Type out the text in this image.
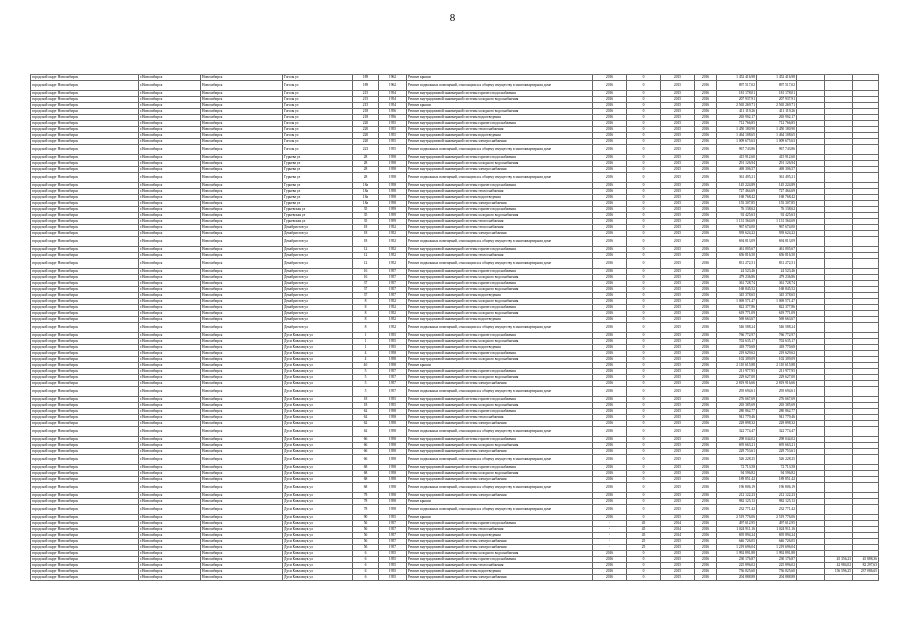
8
городской округ Новосибирск	г.Новосибирск	Новосибирск	Гоголя ул	189	1962	Ремонт крыши	2016	0	2015	2016	1 452 416,98	1 452 416,98			
городской округ Новосибирск	г.Новосибирск	Новосибирск	Гоголя ул	189	1962	Ремонт подвальных помещений, относящихся к общему имуществу в многоквартирном доме	2016	0	2015	2016	897 517,02	897 517,02			
городской округ Новосибирск	г.Новосибирск	Новосибирск	Гоголя ул	215	1954	Ремонт внутридомовой инженерной системы горячего водоснабжения	2016	0	2015	2016	181 178,01	181 178,01			
городской округ Новосибирск	г.Новосибирск	Новосибирск	Гоголя ул	215	1954	Ремонт внутридомовой инженерной системы холодного водоснабжения	2016	0	2015	2016	207 937,91	207 937,91			
городской округ Новосибирск	г.Новосибирск	Новосибирск	Гоголя ул	215	1954	Ремонт крыши	2016	0	2015	2016	2 565 269,71	2 565 269,71			
городской округ Новосибирск	г.Новосибирск	Новосибирск	Гоголя ул	218	1956	Ремонт внутридомовой инженерной системы холодного водоснабжения	2016	0	2015	2016	411 119,26	411 119,26			
городской округ Новосибирск	г.Новосибирск	Новосибирск	Гоголя ул	218	1956	Ремонт внутридомовой инженерной системы водоотведения	2016	0	2015	2016	265 902,17	265 902,17			
городской округ Новосибирск	г.Новосибирск	Новосибирск	Гоголя ул	220	1955	Ремонт внутридомовой инженерной системы горячего водоснабжения	2016	0	2015	2016	712 766,85	712 766,85			
городской округ Новосибирск	г.Новосибирск	Новосибирск	Гоголя ул	220	1955	Ремонт внутридомовой инженерной системы теплоснабжения	2016	0	2015	2016	1 450 180,90	1 450 180,90			
городской округ Новосибирск	г.Новосибирск	Новосибирск	Гоголя ул	220	1955	Ремонт внутридомовой инженерной системы водоотведения	2016	0	2015	2016	1 464 108,65	1 464 108,65			
городской округ Новосибирск	г.Новосибирск	Новосибирск	Гоголя ул	220	1955	Ремонт внутридомовой инженерной системы электроснабжения	2016	0	2015	2016	1 009 675,63	1 009 675,63			
городской округ Новосибирск	г.Новосибирск	Новосибирск	Гоголя ул	223	1955	Ремонт подвальных помещений, относящихся к общему имуществу в многоквартирном доме	2016	0	2015	2016	967 743,86	967 743,86			
городской округ Новосибирск	г.Новосибирск	Новосибирск	Гурьева ул	28	1958	Ремонт внутридомовой инженерной системы горячего водоснабжения	2016	0	2015	2016	415 912,60	415 912,60			
городской округ Новосибирск	г.Новосибирск	Новосибирск	Гурьева ул	28	1958	Ремонт внутридомовой инженерной системы холодного водоснабжения	2016	0	2015	2016	291 126,94	291 126,94			
городской округ Новосибирск	г.Новосибирск	Новосибирск	Гурьева ул	28	1958	Ремонт внутридомовой инженерной системы электроснабжения	2016	0	2015	2016	469 306,57	469 306,57			
городской округ Новосибирск	г.Новосибирск	Новосибирск	Гурьева ул	28	1958	Ремонт подвальных помещений, относящихся к общему имуществу в многоквартирном доме	2016	0	2015	2016	361 495,21	361 495,21			
городской округ Новосибирск	г.Новосибирск	Новосибирск	Гурьева ул	18а	1958	Ремонт внутридомовой инженерной системы горячего водоснабжения	2016	0	2015	2016	145 224,89	145 224,89			
городской округ Новосибирск	г.Новосибирск	Новосибирск	Гурьева ул	18а	1958	Ремонт внутридомовой инженерной системы теплоснабжения	2016	0	2015	2016	727 464,69	727 464,69			
городской округ Новосибирск	г.Новосибирск	Новосибирск	Гурьева ул	18а	1958	Ремонт внутридомовой инженерной системы водоотведения	2016	0	2015	2016	168 768,42	168 768,42			
городской округ Новосибирск	г.Новосибирск	Новосибирск	Гурьева ул	18а	1958	Ремонт внутридомовой инженерной системы электроснабжения	2016	0	2015	2016	155 307,85	155 307,85			
городской округ Новосибирск	г.Новосибирск	Новосибирск	Гурьевская ул	35	1959	Ремонт внутридомовой инженерной системы горячего водоснабжения	2016	0	2015	2016	76 138,62	76 138,62			
городской округ Новосибирск	г.Новосибирск	Новосибирск	Гурьевская ул	35	1959	Ремонт внутридомовой инженерной системы холодного водоснабжения	2016	0	2015	2016	92 425,63	92 425,63			
городской округ Новосибирск	г.Новосибирск	Новосибирск	Гурьевская ул	35	1959	Ремонт внутридомовой инженерной системы теплоснабжения	2016	0	2015	2016	1 131 364,69	1 131 364,69			
городской округ Новосибирск	г.Новосибирск	Новосибирск	Декабристов ул	18	1952	Ремонт внутридомовой инженерной системы теплоснабжения	2016	0	2015	2016	967 674,00	967 674,00			
городской округ Новосибирск	г.Новосибирск	Новосибирск	Декабристов ул	18	1952	Ремонт внутридомовой инженерной системы электроснабжения	2016	0	2015	2016	939 624,22	939 624,22			
городской округ Новосибирск	г.Новосибирск	Новосибирск	Декабристов ул	18	1952	Ремонт подвальных помещений, относящихся к общему имуществу в многоквартирном доме	2016	0	2015	2016	694 813,09	694 813,09			
городской округ Новосибирск	г.Новосибирск	Новосибирск	Декабристов ул	12	1952	Ремонт внутридомовой инженерной системы горячего водоснабжения	2016	0	2015	2016	461 805,67	461 805,67			
городской округ Новосибирск	г.Новосибирск	Новосибирск	Декабристов ул	12	1952	Ремонт внутридомовой инженерной системы теплоснабжения	2016	0	2015	2016	656 816,50	656 816,50			
городской округ Новосибирск	г.Новосибирск	Новосибирск	Декабристов ул	12	1952	Ремонт подвальных помещений, относящихся к общему имуществу в многоквартирном доме	2016	0	2015	2016	831 272,51	831 272,51			
городской округ Новосибирск	г.Новосибирск	Новосибирск	Декабристов ул	16	1957	Ремонт внутридомовой инженерной системы горячего водоснабжения	2016	0	2015	2016	24 523,46	24 523,46			
городской округ Новосибирск	г.Новосибирск	Новосибирск	Декабристов ул	16	1957	Ремонт внутридомовой инженерной системы холодного водоснабжения	2016	0	2015	2016	479 236,86	479 236,86			
городской округ Новосибирск	г.Новосибирск	Новосибирск	Декабристов ул	37	1957	Ремонт внутридомовой инженерной системы горячего водоснабжения	2016	0	2015	2016	361 728,74	361 728,74			
городской округ Новосибирск	г.Новосибирск	Новосибирск	Декабристов ул	37	1957	Ремонт внутридомовой инженерной системы холодного водоснабжения	2016	0	2015	2016	168 845,52	168 845,52			
городской округ Новосибирск	г.Новосибирск	Новосибирск	Декабристов ул	37	1957	Ремонт внутридомовой инженерной системы водоотведения	2016	0	2015	2016	345 378,65	345 378,65			
городской округ Новосибирск	г.Новосибирск	Новосибирск	Декабристов ул	8	1952	Ремонт внутридомовой инженерной системы холодного водоснабжения	2016	0	2015	2016	1 069 571,47	1 069 571,47			
городской округ Новосибирск	г.Новосибирск	Новосибирск	Декабристов ул	8	1952	Ремонт внутридомовой инженерной системы горячего водоснабжения	2016	0	2015	2016	822 377,86	822 377,86			
городской округ Новосибирск	г.Новосибирск	Новосибирск	Декабристов ул	8	1952	Ремонт внутридомовой инженерной системы холодного водоснабжения	2016	0	2015	2016	619 771,09	619 771,09			
городской округ Новосибирск	г.Новосибирск	Новосибирск	Декабристов ул	8	1952	Ремонт внутридомовой инженерной системы водоотведения	2016	0	2015	2016	569 663,67	569 663,67			
городской округ Новосибирск	г.Новосибирск	Новосибирск	Декабристов ул	8	1952	Ремонт подвальных помещений, относящихся к общему имуществу в многоквартирном доме	2016	0	2015	2016	546 588,24	546 588,24			
городской округ Новосибирск	г.Новосибирск	Новосибирск	Дуси Ковальчук ул	1	1955	Ремонт внутридомовой инженерной системы горячего водоснабжения	2016	0	2015	2016	766 772,97	766 772,97			
городской округ Новосибирск	г.Новосибирск	Новосибирск	Дуси Ковальчук ул	1	1955	Ремонт внутридомовой инженерной системы холодного водоснабжения	2016	0	2015	2016	702 635,17	702 635,17			
городской округ Новосибирск	г.Новосибирск	Новосибирск	Дуси Ковальчук ул	1	1955	Ремонт внутридомовой инженерной системы водоотведения	2016	0	2015	2016	418 770,68	418 770,68			
городской округ Новосибирск	г.Новосибирск	Новосибирск	Дуси Ковальчук ул	4	1958	Ремонт внутридомовой инженерной системы горячего водоснабжения	2016	0	2015	2016	219 629,62	219 629,62			
городской округ Новосибирск	г.Новосибирск	Новосибирск	Дуси Ковальчук ул	4	1958	Ремонт внутридомовой инженерной системы холодного водоснабжения	2016	0	2015	2016	102 309,09	102 309,09			
городской округ Новосибирск	г.Новосибирск	Новосибирск	Дуси Ковальчук ул	4б	1958	Ремонт крыши	2016	0	2015	2016	2 110 615,88	2 110 615,88			
городской округ Новосибирск	г.Новосибирск	Новосибирск	Дуси Ковальчук ул	5	1957	Ремонт внутридомовой инженерной системы горячего водоснабжения	2016	0	2015	2016	211 977,95	211 977,95			
городской округ Новосибирск	г.Новосибирск	Новосибирск	Дуси Ковальчук ул	5	1957	Ремонт внутридомовой инженерной системы холодного водоснабжения	2016	0	2015	2016	229 627,00	229 627,00			
городской округ Новосибирск	г.Новосибирск	Новосибирск	Дуси Ковальчук ул	5	1957	Ремонт внутридомовой инженерной системы электроснабжения	2016	0	2015	2016	2 819 916,66	2 819 916,66			
городской округ Новосибирск	г.Новосибирск	Новосибирск	Дуси Ковальчук ул	5	1957	Ремонт подвальных помещений, относящихся к общему имуществу в многоквартирном доме	2016	0	2015	2016	295 694,61	295 694,61			
городской округ Новосибирск	г.Новосибирск	Новосибирск	Дуси Ковальчук ул	18	1955	Ремонт внутридомовой инженерной системы горячего водоснабжения	2016	0	2015	2016	276 667,69	276 667,69			
городской округ Новосибирск	г.Новосибирск	Новосибирск	Дуси Ковальчук ул	18	1955	Ремонт внутридомовой инженерной системы холодного водоснабжения	2016	0	2015	2016	265 385,69	265 385,69			
городской округ Новосибирск	г.Новосибирск	Новосибирск	Дуси Ковальчук ул	62	1958	Ремонт внутридомовой инженерной системы горячего водоснабжения	2016	0	2015	2016	280 862,77	280 862,77			
городской округ Новосибирск	г.Новосибирск	Новосибирск	Дуси Ковальчук ул	62	1958	Ремонт внутридомовой инженерной системы теплоснабжения	2016	0	2015	2016	941 779,46	941 779,46			
городской округ Новосибирск	г.Новосибирск	Новосибирск	Дуси Ковальчук ул	62	1958	Ремонт внутридомовой инженерной системы электроснабжения	2016	0	2015	2016	229 898,32	229 898,32			
городской округ Новосибирск	г.Новосибирск	Новосибирск	Дуси Ковальчук ул	62	1958	Ремонт подвальных помещений, относящихся к общему имуществу в многоквартирном доме	2016	0	2015	2016	322 774,47	322 774,47			
городской округ Новосибирск	г.Новосибирск	Новосибирск	Дуси Ковальчук ул	66	1958	Ремонт внутридомовой инженерной системы горячего водоснабжения	2016	0	2015	2016	298 044,02	298 044,02			
городской округ Новосибирск	г.Новосибирск	Новосибирск	Дуси Ковальчук ул	66	1958	Ремонт внутридомовой инженерной системы холодного водоснабжения	2016	0	2015	2016	695 663,21	695 663,21			
городской округ Новосибирск	г.Новосибирск	Новосибирск	Дуси Ковальчук ул	66	1958	Ремонт внутридомовой инженерной системы электроснабжения	2016	0	2015	2016	229 753,61	229 753,61			
городской округ Новосибирск	г.Новосибирск	Новосибирск	Дуси Ковальчук ул	66	1958	Ремонт подвальных помещений, относящихся к общему имуществу в многоквартирном доме	2016	0	2015	2016	526 228,25	526 228,25			
городской округ Новосибирск	г.Новосибирск	Новосибирск	Дуси Ковальчук ул	68	1958	Ремонт внутридомовой инженерной системы горячего водоснабжения	2016	0	2015	2016	72 713,58	72 713,58			
городской округ Новосибирск	г.Новосибирск	Новосибирск	Дуси Ковальчук ул	68	1958	Ремонт внутридомовой инженерной системы холодного водоснабжения	2016	0	2015	2016	94 596,82	94 596,82			
городской округ Новосибирск	г.Новосибирск	Новосибирск	Дуси Ковальчук ул	68	1958	Ремонт внутридомовой инженерной системы электроснабжения	2016	0	2015	2016	189 851,42	189 851,42			
городской округ Новосибирск	г.Новосибирск	Новосибирск	Дуси Ковальчук ул	68	1958	Ремонт подвальных помещений, относящихся к общему имуществу в многоквартирном доме	2016	0	2015	2016	196 806,19	196 806,19			
городской округ Новосибирск	г.Новосибирск	Новосибирск	Дуси Ковальчук ул	78	1958	Ремонт внутридомовой инженерной системы электроснабжения	2016	0	2015	2016	212 122,23	212 122,23			
городской округ Новосибирск	г.Новосибирск	Новосибирск	Дуси Ковальчук ул	78	1958	Ремонт крыши	2016	0	2015	2016	982 125,13	982 125,13			
городской округ Новосибирск	г.Новосибирск	Новосибирск	Дуси Ковальчук ул	78	1958	Ремонт подвальных помещений, относящихся к общему имуществу в многоквартирном доме	2016	0	2015	2016	232 771,42	232 771,42			
городской округ Новосибирск	г.Новосибирск	Новосибирск	Дуси Ковальчук ул	90	1955	Ремонт крыши	2016	0	2015	2016	2 519 776,06	2 519 776,06			
городской округ Новосибирск	г.Новосибирск	Новосибирск	Дуси Ковальчук ул	56	1957	Ремонт внутридомовой инженерной системы горячего водоснабжения	-	45	2014	2016	497 612,95	497 612,95			
городской округ Новосибирск	г.Новосибирск	Новосибирск	Дуси Ковальчук ул	56	1957	Ремонт внутридомовой инженерной системы теплоснабжения	-	45	2014	2016	1 024 911,16	1 024 911,16			
городской округ Новосибирск	г.Новосибирск	Новосибирск	Дуси Ковальчук ул	56	1957	Ремонт внутридомовой инженерной системы водоотведения	-	45	2014	2016	695 894,24	695 894,24			
городской округ Новосибирск	г.Новосибирск	Новосибирск	Дуси Ковальчук ул	56	1957	Ремонт внутридомовой инженерной системы электроснабжения	-	25	2015	2016	646 726,05	646 726,05			
городской округ Новосибирск	г.Новосибирск	Новосибирск	Дуси Ковальчук ул	56	1957	Ремонт внутридомовой инженерной системы электроснабжения	-	25	2015	2016	1 219 696,04	1 219 696,04			
городской округ Новосибирск	г.Новосибирск	Новосибирск	Дуси Ковальчук ул	6	1955	Ремонт внутридомовой инженерной системы холодного водоснабжения	2016	0	2015	2016	1 992 891,88	1 992 891,88			
городской округ Новосибирск	г.Новосибирск	Новосибирск	Дуси Ковальчук ул	6	1955	Ремонт внутридомовой инженерной системы горячего водоснабжения	2016	0	2015	2016	230 176,87	230 176,87		45 356,23	45 888,36
городской округ Новосибирск	г.Новосибирск	Новосибирск	Дуси Ковальчук ул	6	1955	Ремонт внутридомовой инженерной системы теплоснабжения	2016	0	2015	2016	225 896,02	225 896,02		42 984,02	82 297,63
городской округ Новосибирск	г.Новосибирск	Новосибирск	Дуси Ковальчук ул	6	1955	Ремонт внутридомовой инженерной системы водоотведения	2016	0	2015	2016	756 825,60	756 825,60		156 596,25	237 086,65
городской округ Новосибирск	г.Новосибирск	Новосибирск	Дуси Ковальчук ул	6	1955	Ремонт внутридомовой инженерной системы электроснабжения	2016	0	2015	2016	204 888,88	204 888,88			
